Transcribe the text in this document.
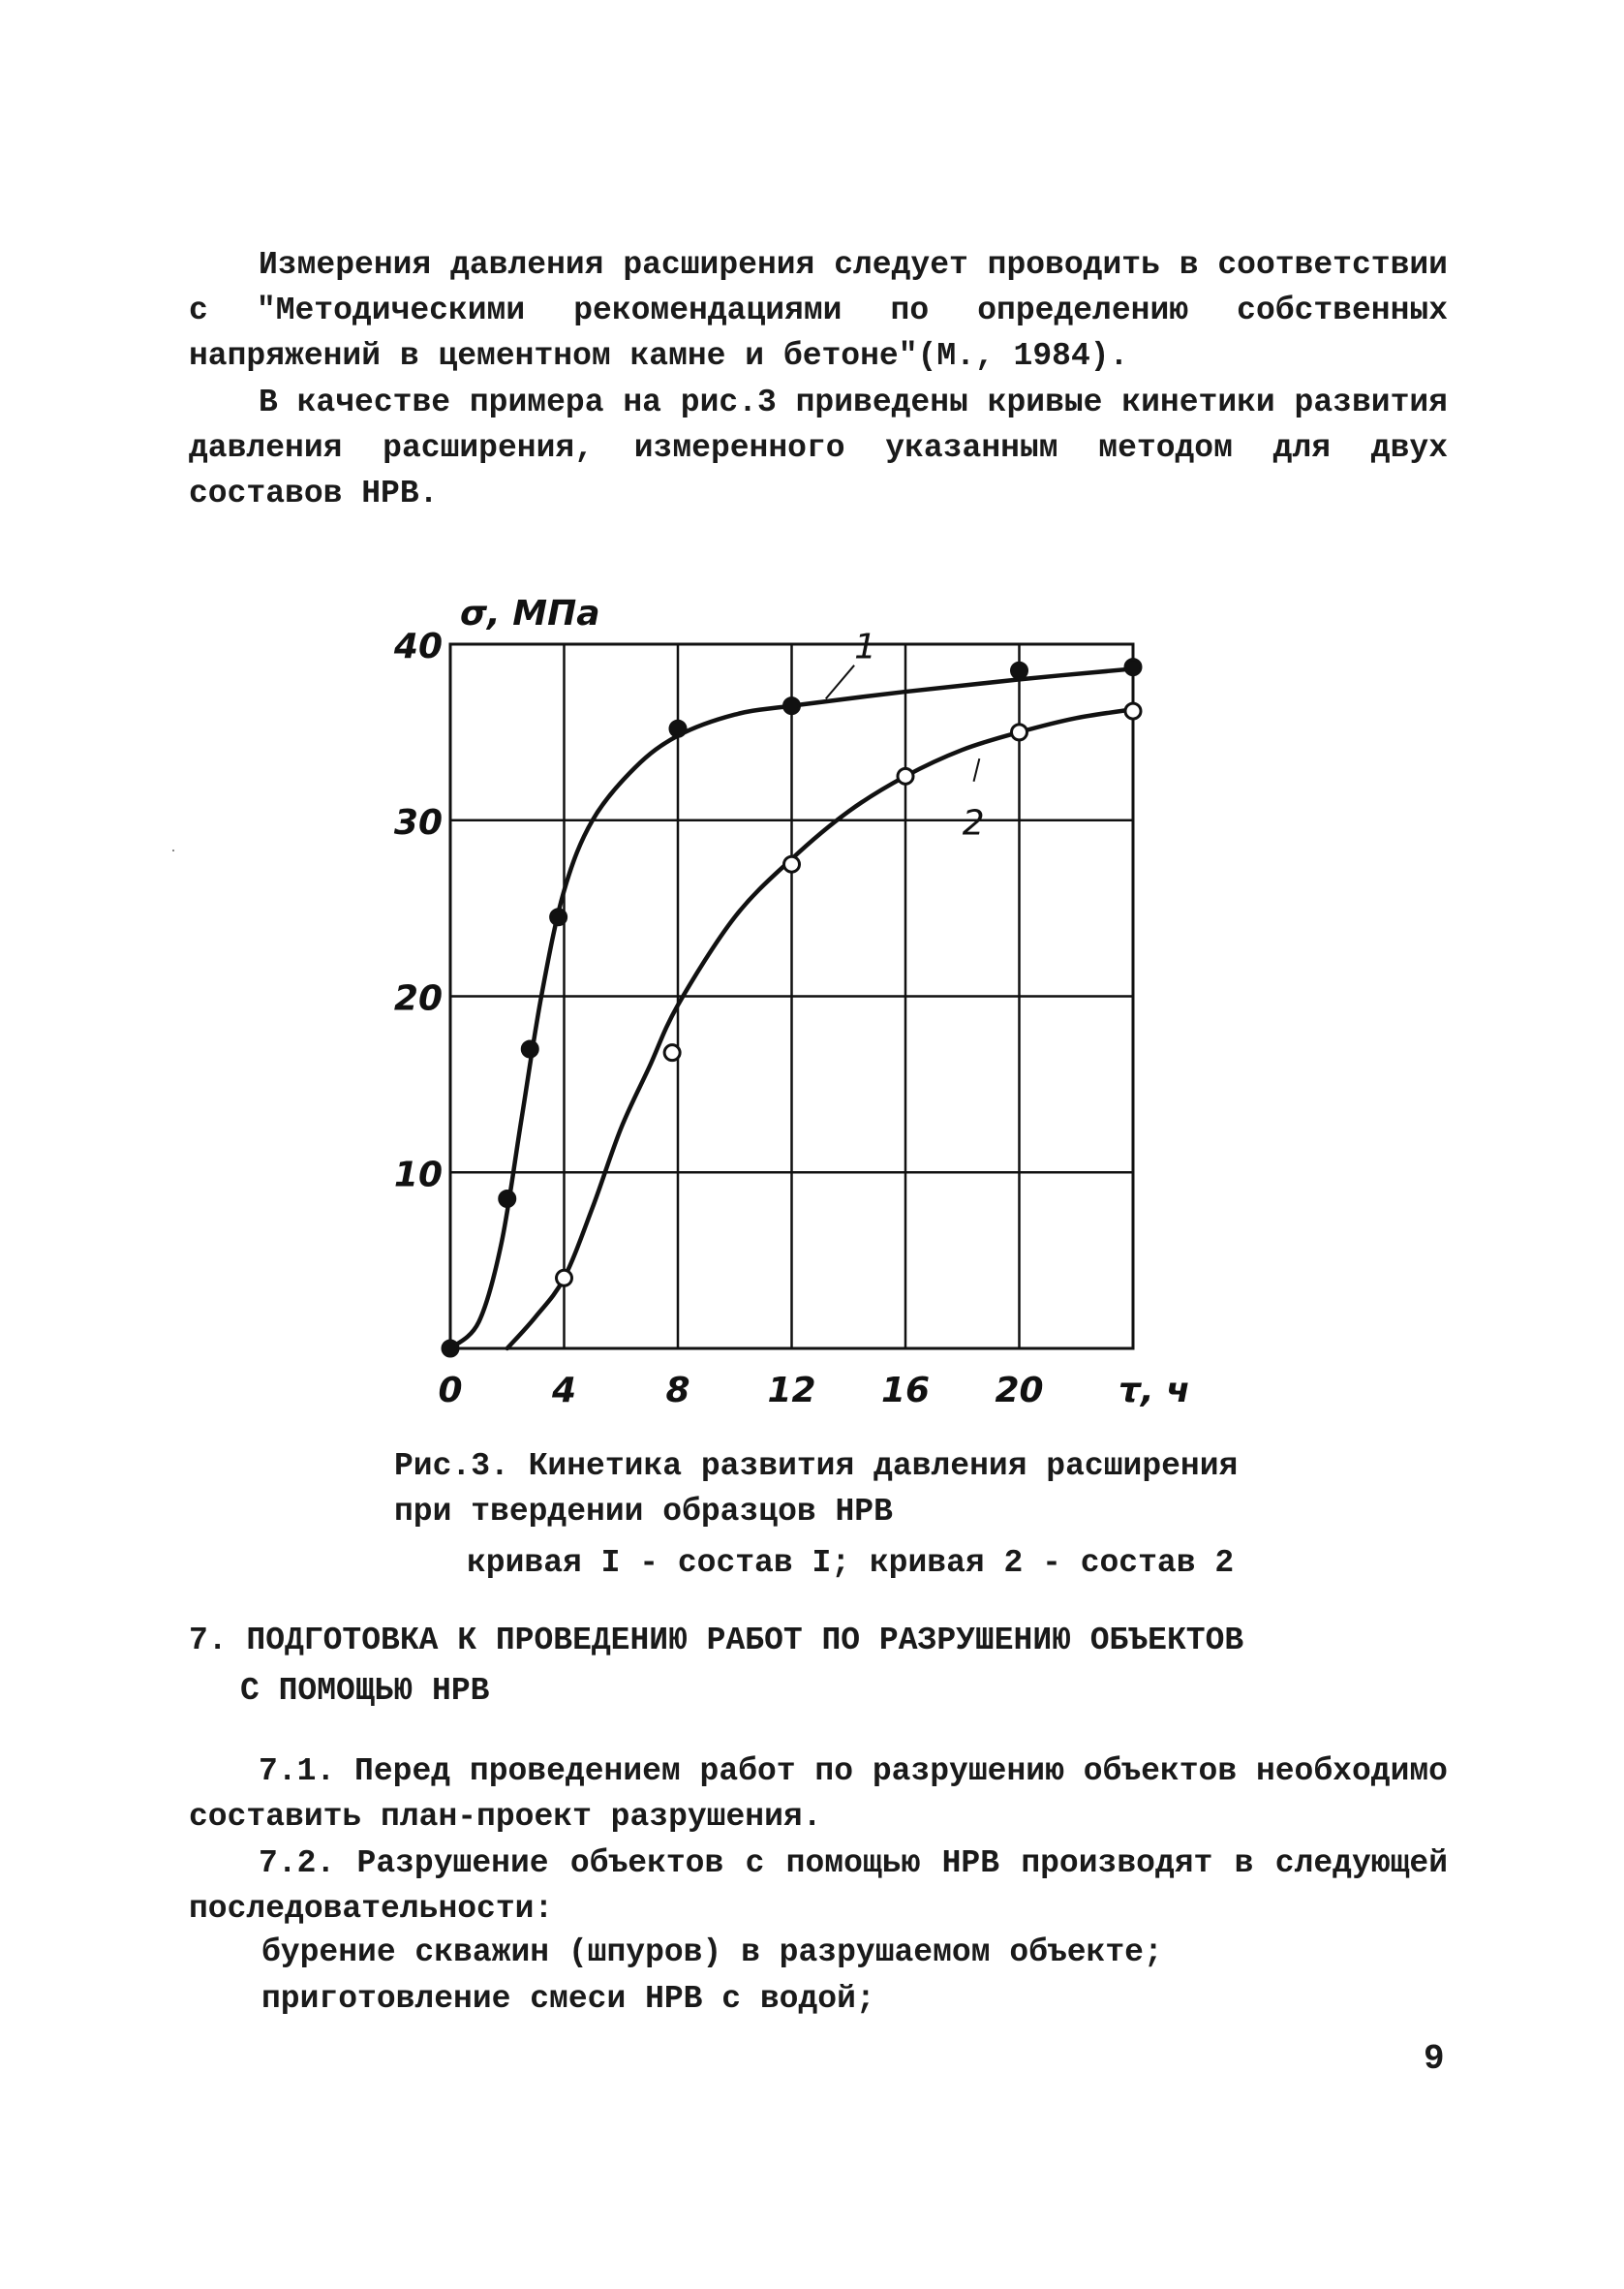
Измерения давления расширения следует проводить в соответствии с "Методическими рекомендациями по определению собственных напряжений в цементном камне и бетоне"(М., 1984).

В качестве примера на рис.3 приведены кривые кинетики развития давления расширения, измеренного указанным методом для двух составов НРВ.

0	4	8 12 16 20
10
20
30
40
σ, МПа
τ, ч
1
2

Рис.3. Кинетика развития давления расширения

при твердении образцов НРВ

кривая I - состав I; кривая 2 - состав 2

7. ПОДГОТОВКА К ПРОВЕДЕНИЮ РАБОТ ПО РАЗРУШЕНИЮ ОБЪЕКТОВ

С ПОМОЩЬЮ НРВ

7.1. Перед проведением работ по разрушению объектов необходимо составить план-проект разрушения.

7.2. Разрушение объектов с помощью НРВ производят в следующей последовательности:

бурение скважин (шпуров) в разрушаемом объекте;

приготовление смеси НРВ с водой;

9
